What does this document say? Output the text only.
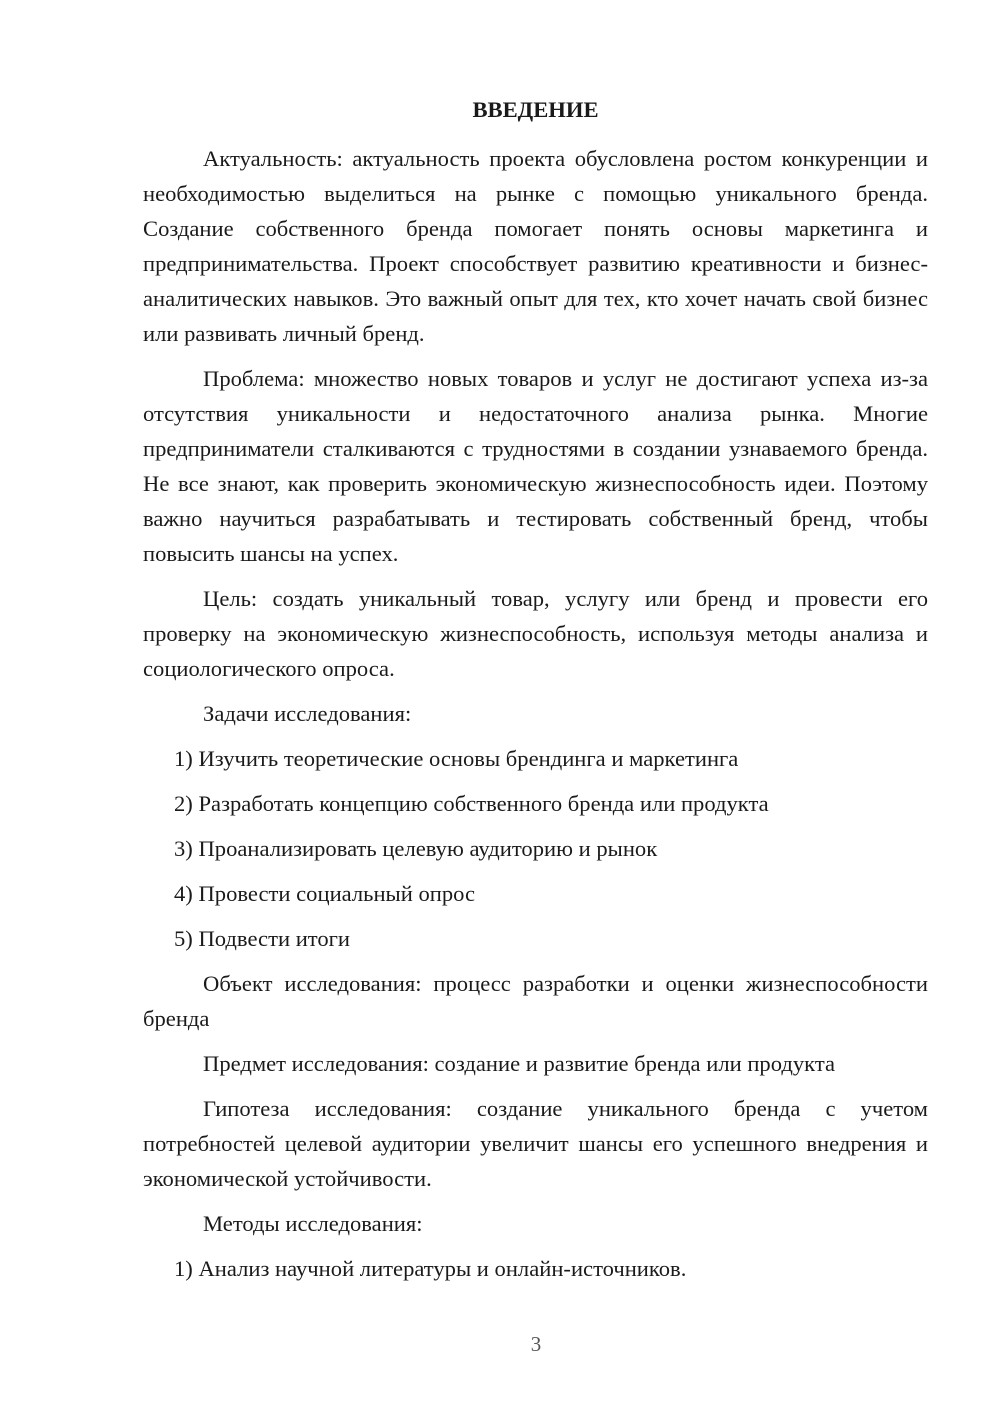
ВВЕДЕНИЕ

Актуальность: актуальность проекта обусловлена ростом конкуренции и необходимостью выделиться на рынке с помощью уникального бренда. Создание собственного бренда помогает понять основы маркетинга и предпринимательства. Проект способствует развитию креативности и бизнес-аналитических навыков. Это важный опыт для тех, кто хочет начать свой бизнес или развивать личный бренд.

Проблема: множество новых товаров и услуг не достигают успеха из-за отсутствия уникальности и недостаточного анализа рынка. Многие предприниматели сталкиваются с трудностями в создании узнаваемого бренда. Не все знают, как проверить экономическую жизнеспособность идеи. Поэтому важно научиться разрабатывать и тестировать собственный бренд, чтобы повысить шансы на успех.

Цель: создать уникальный товар, услугу или бренд и провести его проверку на экономическую жизнеспособность, используя методы анализа и социологического опроса.

Задачи исследования:

1) Изучить теоретические основы брендинга и маркетинга
2) Разработать концепцию собственного бренда или продукта
3) Проанализировать целевую аудиторию и рынок
4) Провести социальный опрос
5) Подвести итоги

Объект исследования: процесс разработки и оценки жизнеспособности бренда

Предмет исследования: создание и развитие бренда или продукта

Гипотеза исследования: создание уникального бренда с учетом потребностей целевой аудитории увеличит шансы его успешного внедрения и экономической устойчивости.

Методы исследования:

1) Анализ научной литературы и онлайн-источников.
3
